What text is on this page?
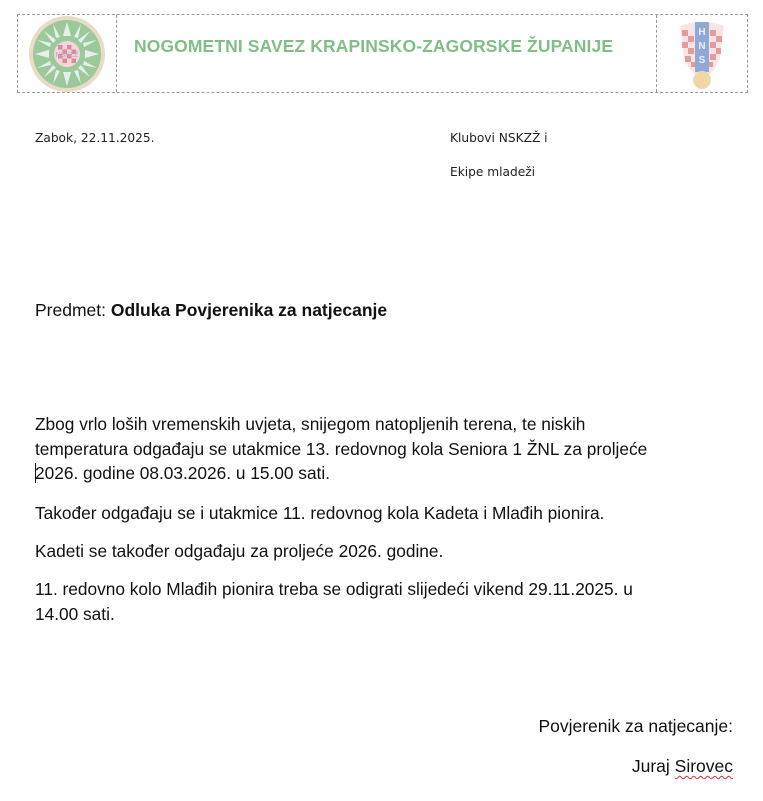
NSKZŽ	NOGOMETNI SAVEZ KRAPINSKO-ZAGORSKE ŽUPANIJE
H
N
S
HNS
Zabok, 22.11.2025.	Klubovi NSKZŽ i
Ekipe mladeži
Predmet: Odluka Povjerenika za natjecanje
Zbog vrlo loših vremenskih uvjeta, snijegom natopljenih terena, te niskih
temperatura odgađaju se utakmice 13. redovnog kola Seniora 1 ŽNL za proljeće
2026. godine 08.03.2026. u 15.00 sati.
Također odgađaju se i utakmice 11. redovnog kola Kadeta i Mlađih pionira.
Kadeti se također odgađaju za proljeće 2026. godine.
11. redovno kolo Mlađih pionira treba se odigrati slijedeći vikend 29.11.2025. u
14.00 sati.
Povjerenik za natjecanje:
Juraj Sirovec
